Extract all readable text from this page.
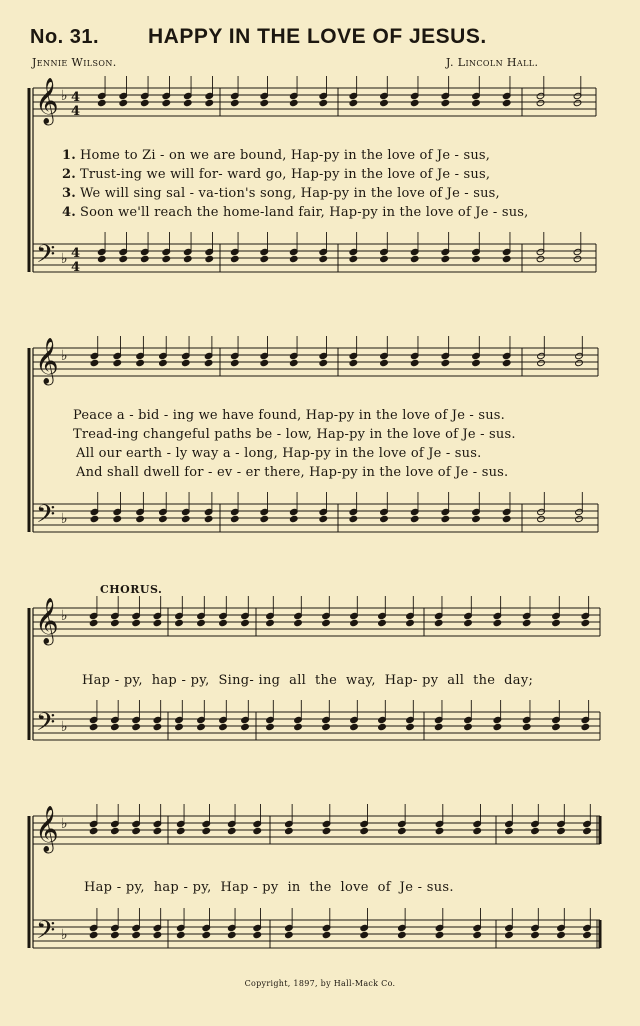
No. 31. HAPPY IN THE LOVE OF JESUS.
Jennie Wilson.	J. Lincoln Hall.
𝄞
𝄢
♭
♭
4
4
4
4
𝄞
𝄢
♭
♭
𝄞
𝄢
♭
♭
𝄞
𝄢
♭
♭
1. Home to Zi - on we are bound, Hap-py in the love of Je - sus,
2. Trust-ing we will for- ward go, Hap-py in the love of Je - sus,
3. We will sing sal - va-tion's song, Hap-py in the love of Je - sus,
4. Soon we'll reach the home-land fair, Hap-py in the love of Je - sus,
Peace a - bid - ing we have found, Hap-py in the love of Je - sus.
Tread-ing changeful paths be - low, Hap-py in the love of Je - sus.
All our earth - ly way a - long, Hap-py in the love of Je - sus.
And shall dwell for - ev - er there, Hap-py in the love of Je - sus.
CHORUS.
Hap - py,  hap - py,  Sing- ing  all  the  way,  Hap- py  all  the  day;
Hap - py,  hap - py,  Hap - py  in  the  love  of  Je - sus.
Copyright, 1897, by Hall-Mack Co.
